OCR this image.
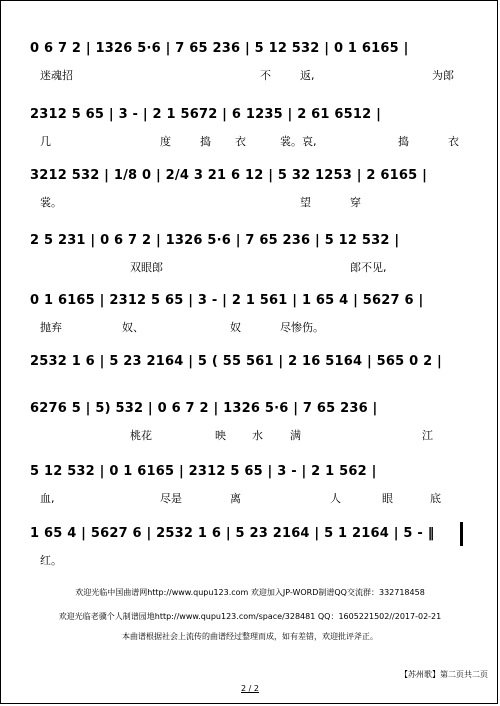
0 6 7 2 | 1326 5·6 | 7 65 236 | 5 12 532 | 0 1 6165 |
迷魂招	不	返,	为郎
2312 5 65 | 3 - | 2 1 5672 | 6 1235 | 2 61 6512 |
几	度	捣 衣	裳。哀,	捣	衣
3212 532 | 1/8 0 | 2/4 3 21 6 12 | 5 32 1253 | 2 6165 |
裳。	望	穿
2 5 231 | 0 6 7 2 | 1326 5·6 | 7 65 236 | 5 12 532 |
双眼郎	郎不见,
0 1 6165 | 2312 5 65 | 3 - | 2 1 561 | 1 65 4 | 5627 6 |
抛弃	奴、	奴	尽惨伤。
2532 1 6 | 5 23 2164 | 5 ( 55 561 | 2 16 5164 | 565 0 2 |
6276 5 | 5) 532 | 0 6 7 2 | 1326 5·6 | 7 65 236 |
桃花	映 水 满	江
5 12 532 | 0 1 6165 | 2312 5 65 | 3 - | 2 1 562 |
血,	尽是	离	人	眼	底
1 65 4 | 5627 6 | 2532 1 6 | 5 23 2164 | 5 1 2164 | 5 - ‖
红。
欢迎光临中国曲谱网http://www.qupu123.com 欢迎加入JP-WORD制谱QQ交流群：332718458
欢迎光临老骥个人制谱园地http://www.qupu123.com/space/328481 QQ：1605221502//2017-02-21
本曲谱根据社会上流传的曲谱经过整理而成，如有差错，欢迎批评斧正。
【苏州歌】第二页共二页
2 / 2
